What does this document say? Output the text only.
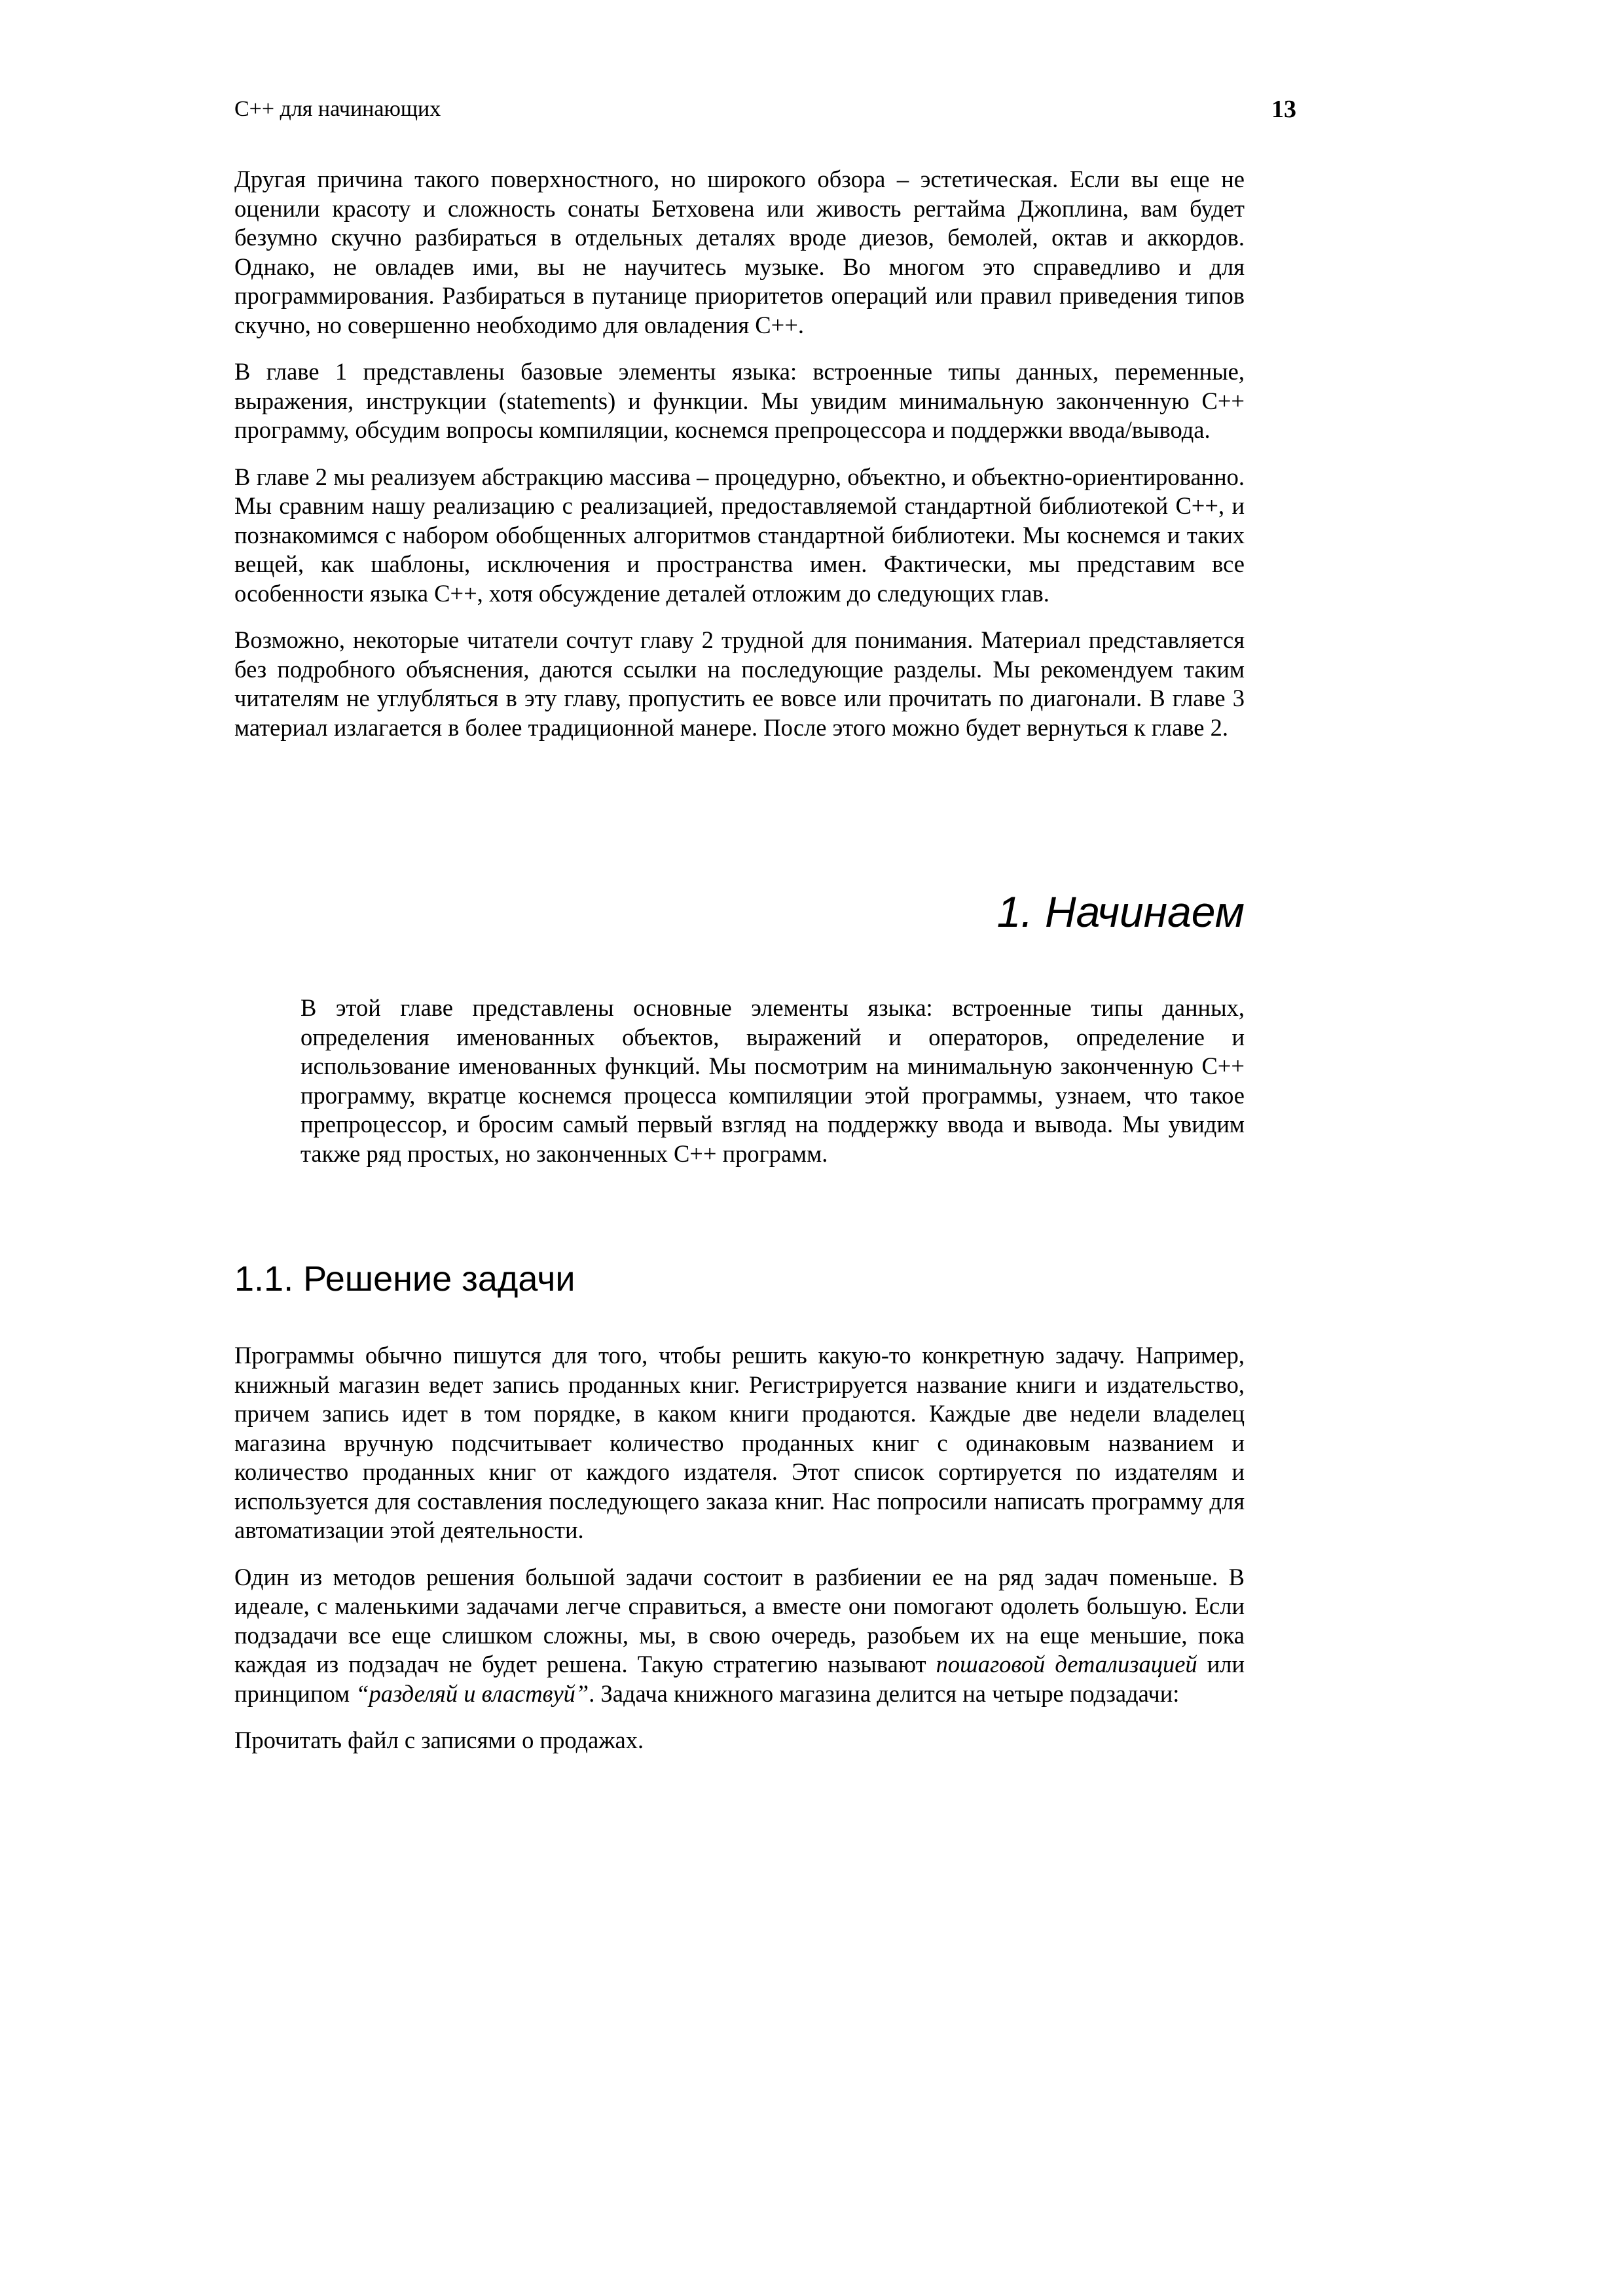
C++ для начинающих	13

Другая причина такого поверхностного, но широкого обзора – эстетическая. Если вы еще не оценили красоту и сложность сонаты Бетховена или живость регтайма Джоплина, вам будет безумно скучно разбираться в отдельных деталях вроде диезов, бемолей, октав и аккордов. Однако, не овладев ими, вы не научитесь музыке. Во многом это справедливо и для программирования. Разбираться в путанице приоритетов операций или правил приведения типов скучно, но совершенно необходимо для овладения C++.

В главе 1 представлены базовые элементы языка: встроенные типы данных, переменные, выражения, инструкции (statements) и функции. Мы увидим минимальную законченную C++ программу, обсудим вопросы компиляции, коснемся препроцессора и поддержки ввода/вывода.

В главе 2 мы реализуем абстракцию массива – процедурно, объектно, и объектно-ориентированно. Мы сравним нашу реализацию с реализацией, предоставляемой стандартной библиотекой C++, и познакомимся с набором обобщенных алгоритмов стандартной библиотеки. Мы коснемся и таких вещей, как шаблоны, исключения и пространства имен. Фактически, мы представим все особенности языка C++, хотя обсуждение деталей отложим до следующих глав.

Возможно, некоторые читатели сочтут главу 2 трудной для понимания. Материал представляется без подробного объяснения, даются ссылки на последующие разделы. Мы рекомендуем таким читателям не углубляться в эту главу, пропустить ее вовсе или прочитать по диагонали. В главе 3 материал излагается в более традиционной манере. После этого можно будет вернуться к главе 2.

1. Начинаем

В этой главе представлены основные элементы языка: встроенные типы данных, определения именованных объектов, выражений и операторов, определение и использование именованных функций. Мы посмотрим на минимальную законченную C++ программу, вкратце коснемся процесса компиляции этой программы, узнаем, что такое препроцессор, и бросим самый первый взгляд на поддержку ввода и вывода. Мы увидим также ряд простых, но законченных C++ программ.

1.1. Решение задачи

Программы обычно пишутся для того, чтобы решить какую-то конкретную задачу. Например, книжный магазин ведет запись проданных книг. Регистрируется название книги и издательство, причем запись идет в том порядке, в каком книги продаются. Каждые две недели владелец магазина вручную подсчитывает количество проданных книг с одинаковым названием и количество проданных книг от каждого издателя. Этот список сортируется по издателям и используется для составления последующего заказа книг. Нас попросили написать программу для автоматизации этой деятельности.

Один из методов решения большой задачи состоит в разбиении ее на ряд задач поменьше. В идеале, с маленькими задачами легче справиться, а вместе они помогают одолеть большую. Если подзадачи все еще слишком сложны, мы, в свою очередь, разобьем их на еще меньшие, пока каждая из подзадач не будет решена. Такую стратегию называют пошаговой детализацией или принципом “разделяй и властвуй”. Задача книжного магазина делится на четыре подзадачи:

Прочитать файл с записями о продажах.
